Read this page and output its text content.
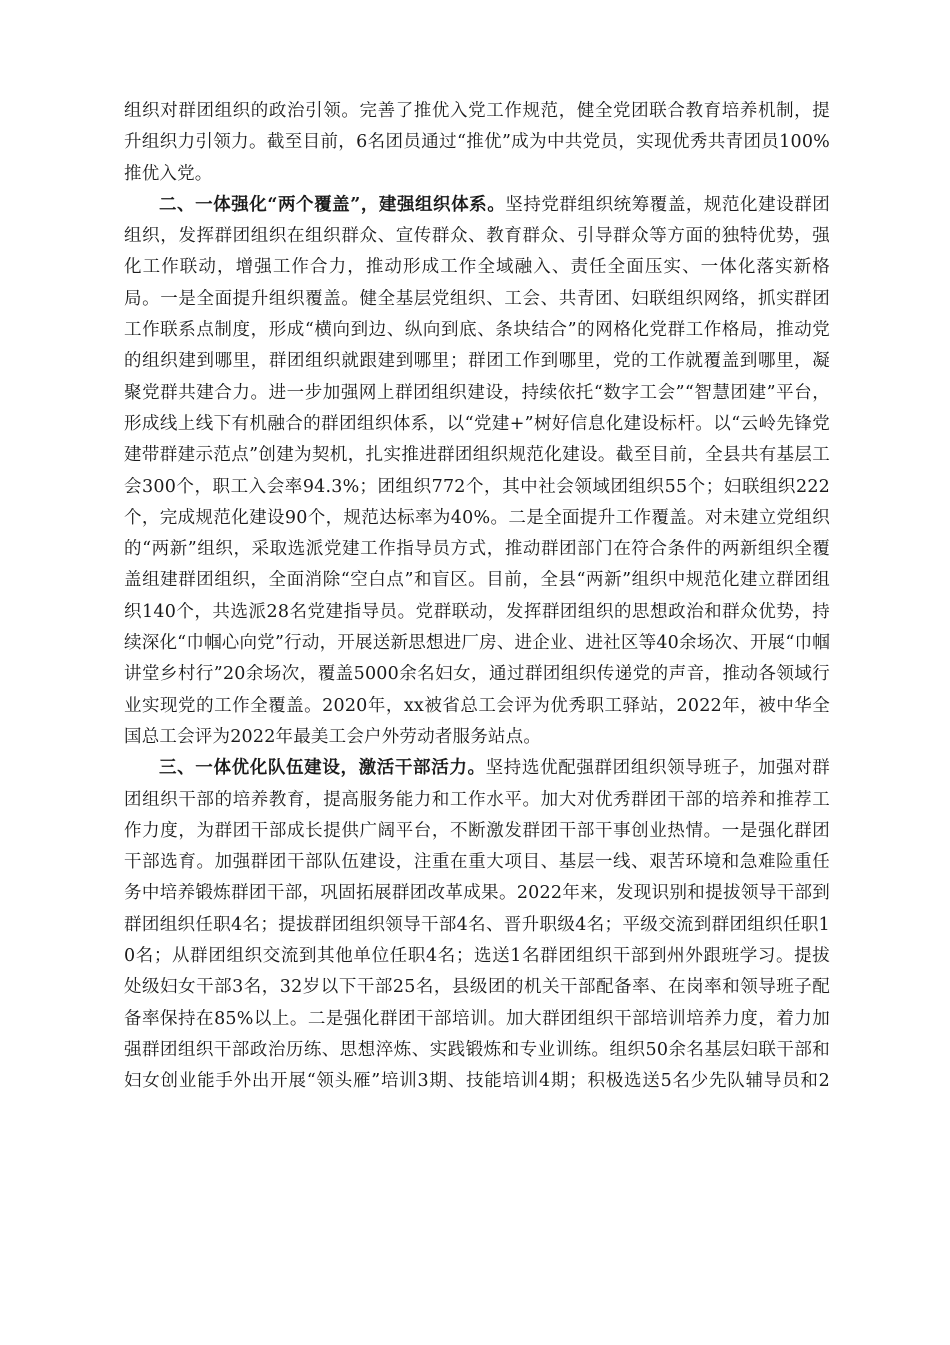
组织对群团组织的政治引领。完善了推优入党工作规范，健全党团联合教育培养机制，提升组织力引领力。截至目前，6名团员通过“推优”成为中共党员，实现优秀共青团员100%推优入党。

二、一体强化“两个覆盖”，建强组织体系。坚持党群组织统筹覆盖，规范化建设群团组织，发挥群团组织在组织群众、宣传群众、教育群众、引导群众等方面的独特优势，强化工作联动，增强工作合力，推动形成工作全域融入、责任全面压实、一体化落实新格局。一是全面提升组织覆盖。健全基层党组织、工会、共青团、妇联组织网络，抓实群团工作联系点制度，形成“横向到边、纵向到底、条块结合”的网格化党群工作格局，推动党的组织建到哪里，群团组织就跟建到哪里；群团工作到哪里，党的工作就覆盖到哪里，凝聚党群共建合力。进一步加强网上群团组织建设，持续依托“数字工会”“智慧团建”平台，形成线上线下有机融合的群团组织体系，以“党建+”树好信息化建设标杆。以“云岭先锋党建带群建示范点”创建为契机，扎实推进群团组织规范化建设。截至目前，全县共有基层工会300个，职工入会率94.3%；团组织772个，其中社会领域团组织55个；妇联组织222个，完成规范化建设90个，规范达标率为40%。二是全面提升工作覆盖。对未建立党组织的“两新”组织，采取选派党建工作指导员方式，推动群团部门在符合条件的两新组织全覆盖组建群团组织，全面消除“空白点”和盲区。目前，全县“两新”组织中规范化建立群团组织140个，共选派28名党建指导员。党群联动，发挥群团组织的思想政治和群众优势，持续深化“巾帼心向党”行动，开展送新思想进厂房、进企业、进社区等40余场次、开展“巾帼讲堂乡村行”20余场次，覆盖5000余名妇女，通过群团组织传递党的声音，推动各领域行业实现党的工作全覆盖。2020年，xx被省总工会评为优秀职工驿站，2022年，被中华全国总工会评为2022年最美工会户外劳动者服务站点。

三、一体优化队伍建设，激活干部活力。坚持选优配强群团组织领导班子，加强对群团组织干部的培养教育，提高服务能力和工作水平。加大对优秀群团干部的培养和推荐工作力度，为群团干部成长提供广阔平台，不断激发群团干部干事创业热情。一是强化群团干部选育。加强群团干部队伍建设，注重在重大项目、基层一线、艰苦环境和急难险重任务中培养锻炼群团干部，巩固拓展群团改革成果。2022年来，发现识别和提拔领导干部到群团组织任职4名；提拔群团组织领导干部4名、晋升职级4名；平级交流到群团组织任职10名；从群团组织交流到其他单位任职4名；选送1名群团组织干部到州外跟班学习。提拔处级妇女干部3名，32岁以下干部25名，县级团的机关干部配备率、在岗率和领导班子配备率保持在85%以上。二是强化群团干部培训。加大群团组织干部培训培养力度，着力加强群团组织干部政治历练、思想淬炼、实践锻炼和专业训练。组织50余名基层妇联干部和妇女创业能手外出开展“领头雁”培训3期、技能培训4期；积极选送5名少先队辅导员和2
